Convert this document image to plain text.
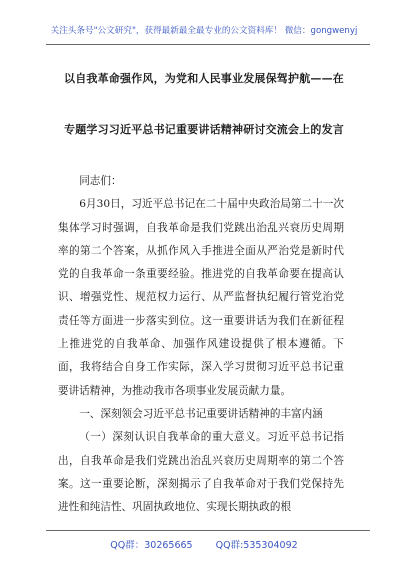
关注头条号"公文研究"，获得最新最全最专业的公文资料库！ 微信：gongwenyj
以自我革命强作风，为党和人民事业发展保驾护航——在
专题学习习近平总书记重要讲话精神研讨交流会上的发言

同志们：

6月30日，习近平总书记在二十届中央政治局第二十一次集体学习时强调，自我革命是我们党跳出治乱兴衰历史周期率的第二个答案，从抓作风入手推进全面从严治党是新时代党的自我革命一条重要经验。推进党的自我革命要在提高认识、增强党性、规范权力运行、从严监督执纪履行管党治党责任等方面进一步落实到位。这一重要讲话为我们在新征程上推进党的自我革命、加强作风建设提供了根本遵循。下面，我将结合自身工作实际，深入学习贯彻习近平总书记重要讲话精神，为推动我市各项事业发展贡献力量。

一、深刻领会习近平总书记重要讲话精神的丰富内涵

（一）深刻认识自我革命的重大意义。习近平总书记指出，自我革命是我们党跳出治乱兴衰历史周期率的第二个答案。这一重要论断，深刻揭示了自我革命对于我们党保持先进性和纯洁性、巩固执政地位、实现长期执政的根

QQ群：30265665 QQ群:535304092
